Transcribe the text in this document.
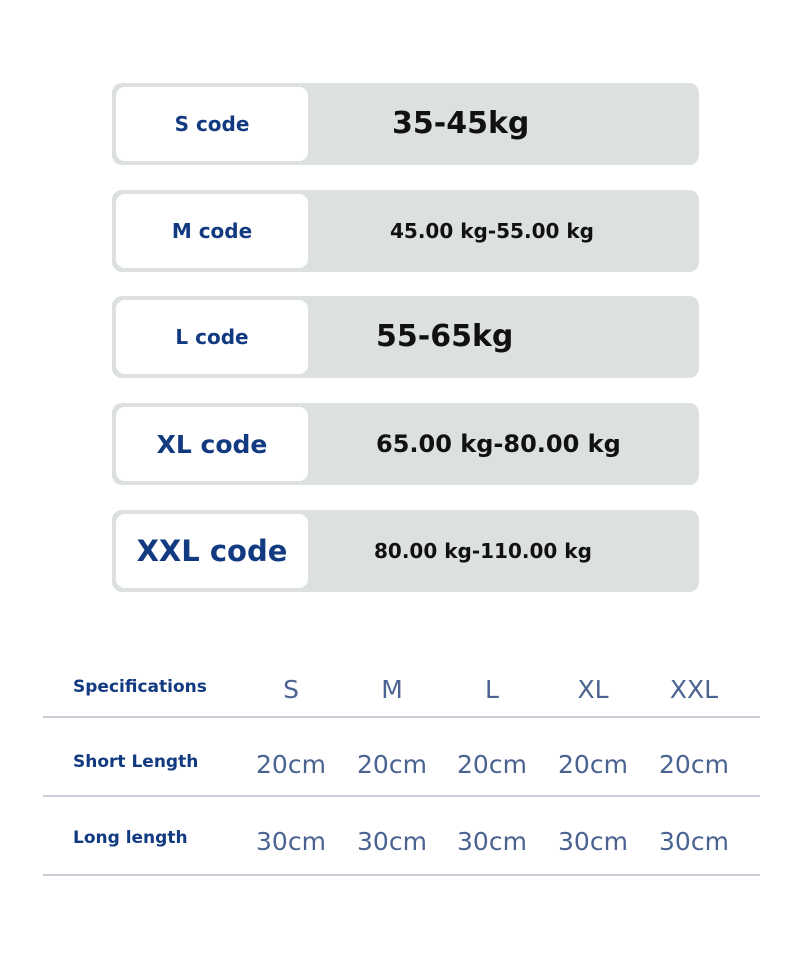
S code	35-45kg
M code	45.00 kg-55.00 kg
L code	55-65kg
XL code	65.00 kg-80.00 kg
XXL code	80.00 kg-110.00 kg
Specifications	S	M	L	XL	XXL
Short Length	20cm	20cm	20cm	20cm	20cm
Long length	30cm	30cm	30cm	30cm	30cm
